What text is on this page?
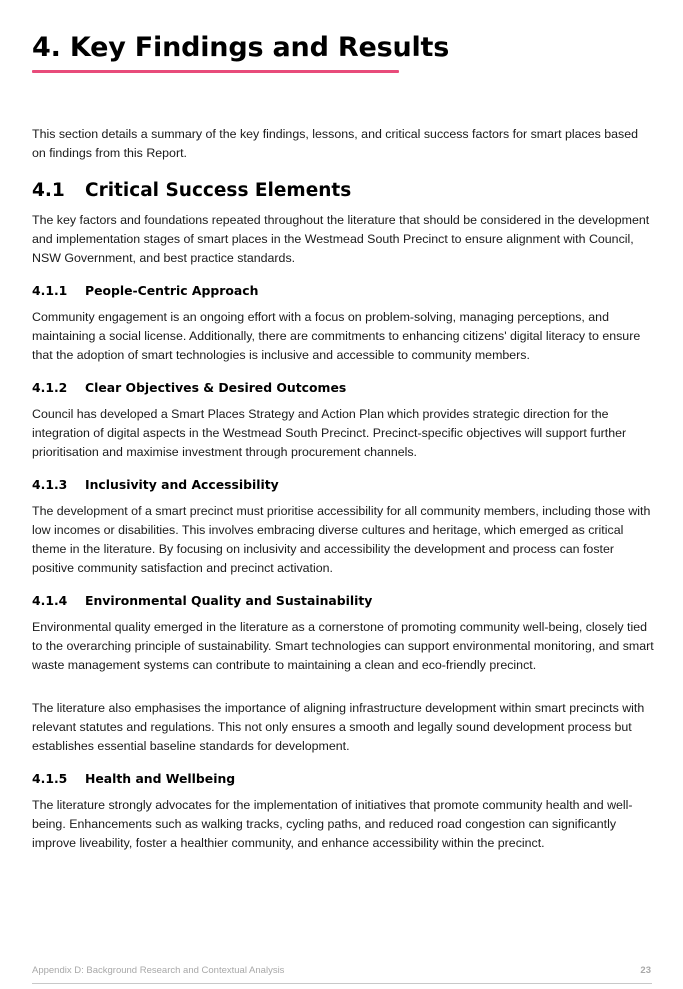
4. Key Findings and Results

This section details a summary of the key findings, lessons, and critical success factors for smart places based on findings from this Report.

4.1	Critical Success Elements

The key factors and foundations repeated throughout the literature that should be considered in the development and implementation stages of smart places in the Westmead South Precinct to ensure alignment with Council, NSW Government, and best practice standards.

4.1.1	People-Centric Approach

Community engagement is an ongoing effort with a focus on problem-solving, managing perceptions, and maintaining a social license. Additionally, there are commitments to enhancing citizens' digital literacy to ensure that the adoption of smart technologies is inclusive and accessible to community members.

4.1.2	Clear Objectives & Desired Outcomes

Council has developed a Smart Places Strategy and Action Plan which provides strategic direction for the integration of digital aspects in the Westmead South Precinct. Precinct-specific objectives will support further prioritisation and maximise investment through procurement channels.

4.1.3	Inclusivity and Accessibility

The development of a smart precinct must prioritise accessibility for all community members, including those with low incomes or disabilities. This involves embracing diverse cultures and heritage, which emerged as critical theme in the literature. By focusing on inclusivity and accessibility the development and process can foster positive community satisfaction and precinct activation.

4.1.4	Environmental Quality and Sustainability

Environmental quality emerged in the literature as a cornerstone of promoting community well-being, closely tied to the overarching principle of sustainability. Smart technologies can support environmental monitoring, and smart waste management systems can contribute to maintaining a clean and eco-friendly precinct.

The literature also emphasises the importance of aligning infrastructure development within smart precincts with relevant statutes and regulations. This not only ensures a smooth and legally sound development process but establishes essential baseline standards for development.

4.1.5	Health and Wellbeing

The literature strongly advocates for the implementation of initiatives that promote community health and well-being. Enhancements such as walking tracks, cycling paths, and reduced road congestion can significantly improve liveability, foster a healthier community, and enhance accessibility within the precinct.

Appendix D: Background Research and Contextual Analysis	23
